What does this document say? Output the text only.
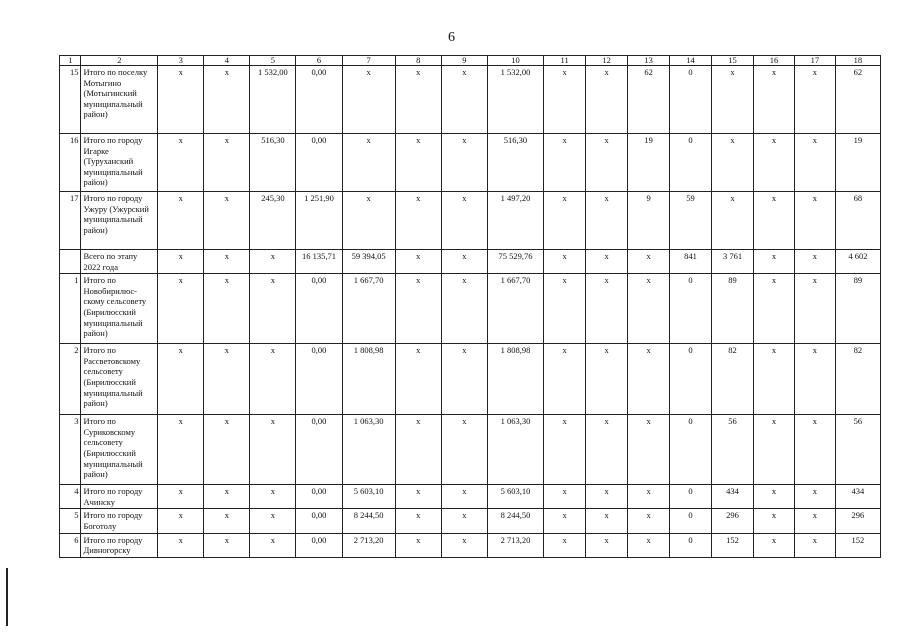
6
1	2	3	4	5	6	7	8	9	10	11	12	13	14	15	16	17	18
15	Итого по поселку Мотыгино (Мотыгинский муниципальный район)	x	x	1 532,00	0,00	x	x	x	1 532,00	x	x	62	0	x	x	x	62
16	Итого по городу Игарке (Туруханский муниципальный район)	x	x	516,30	0,00	x	x	x	516,30	x	x	19	0	x	x	x	19
17	Итого по городу Ужуру (Ужурский муниципальный район)	x	x	245,30	1 251,90	x	x	x	1 497,20	x	x	9	59	x	x	x	68
	Всего по этапу 2022 года	x	x	x	16 135,71	59 394,05	x	x	75 529,76	x	x	x	841	3 761	x	x	4 602
1	Итого по Новобирилюс-скому сельсовету (Бирилюсский муниципальный район)	x	x	x	0,00	1 667,70	x	x	1 667,70	x	x	x	0	89	x	x	89
2	Итого по Рассветовскому сельсовету (Бирилюсский муниципальный район)	x	x	x	0,00	1 808,98	x	x	1 808,98	x	x	x	0	82	x	x	82
3	Итого по Суриковскому сельсовету (Бирилюсский муниципальный район)	x	x	x	0,00	1 063,30	x	x	1 063,30	x	x	x	0	56	x	x	56
4	Итого по городу Ачинску	x	x	x	0,00	5 603,10	x	x	5 603,10	x	x	x	0	434	x	x	434
5	Итого по городу Боготолу	x	x	x	0,00	8 244,50	x	x	8 244,50	x	x	x	0	296	x	x	296
6	Итого по городу Дивногорску	x	x	x	0,00	2 713,20	x	x	2 713,20	x	x	x	0	152	x	x	152
